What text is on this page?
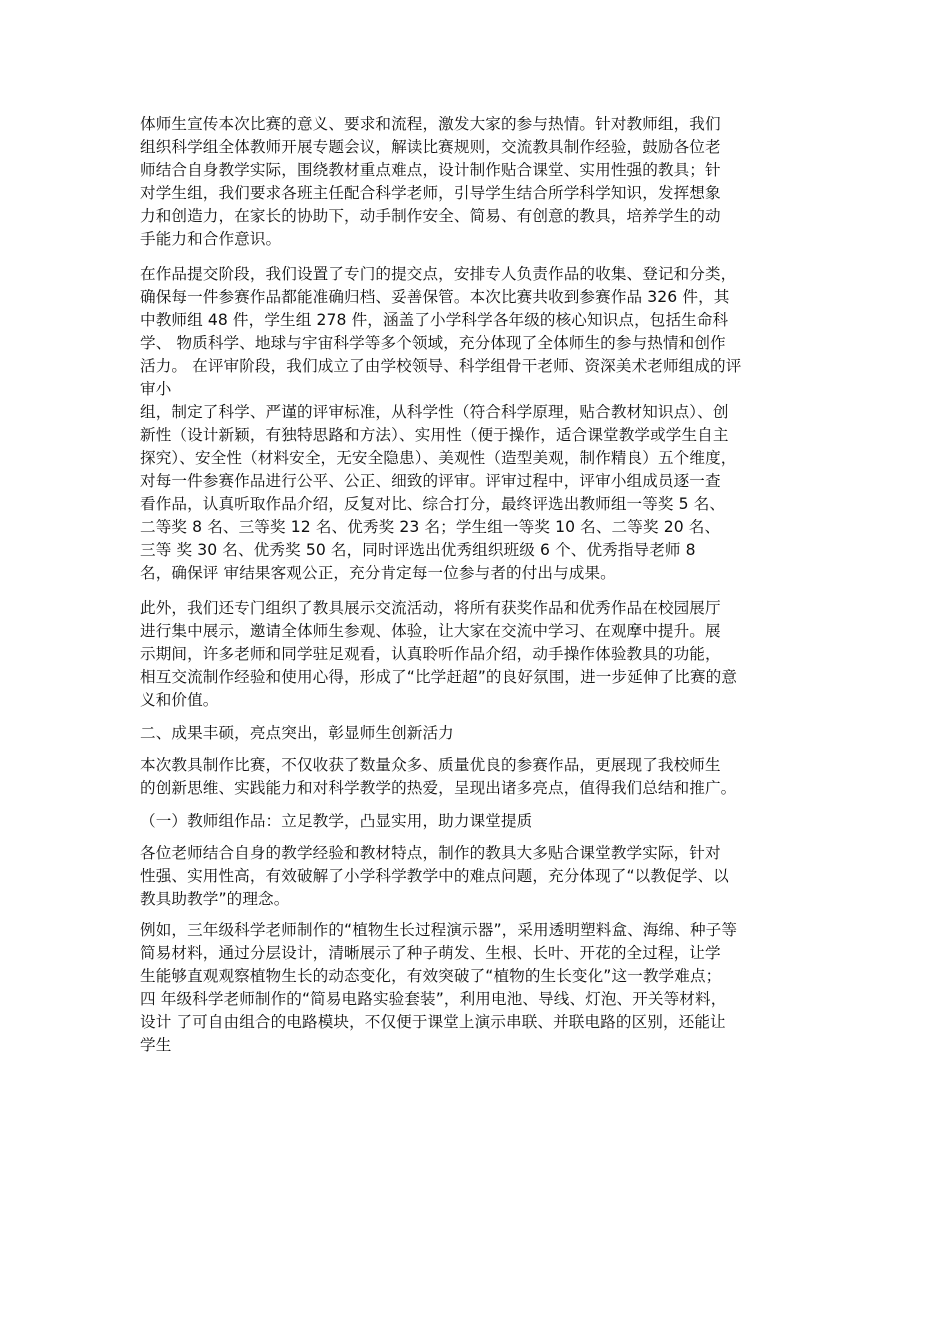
体师生宣传本次比赛的意义、要求和流程，激发大家的参与热情。针对教师组，我们
组织科学组全体教师开展专题会议，解读比赛规则，交流教具制作经验，鼓励各位老
师结合自身教学实际，围绕教材重点难点，设计制作贴合课堂、实用性强的教具；针
对学生组，我们要求各班主任配合科学老师，引导学生结合所学科学知识，发挥想象
力和创造力，在家长的协助下，动手制作安全、简易、有创意的教具，培养学生的动
手能力和合作意识。
在作品提交阶段，我们设置了专门的提交点，安排专人负责作品的收集、登记和分类，
确保每一件参赛作品都能准确归档、妥善保管。本次比赛共收到参赛作品 326 件，其
中教师组 48 件，学生组 278 件，涵盖了小学科学各年级的核心知识点，包括生命科
学、 物质科学、地球与宇宙科学等多个领域，充分体现了全体师生的参与热情和创作
活力。 在评审阶段，我们成立了由学校领导、科学组骨干老师、资深美术老师组成的评
审小
组，制定了科学、严谨的评审标准，从科学性（符合科学原理，贴合教材知识点）、创
新性（设计新颖，有独特思路和方法）、实用性（便于操作，适合课堂教学或学生自主
探究）、安全性（材料安全，无安全隐患）、美观性（造型美观，制作精良）五个维度，
对每一件参赛作品进行公平、公正、细致的评审。评审过程中，评审小组成员逐一查
看作品，认真听取作品介绍，反复对比、综合打分，最终评选出教师组一等奖 5 名、
二等奖 8 名、三等奖 12 名、优秀奖 23 名；学生组一等奖 10 名、二等奖 20 名、
三等 奖 30 名、优秀奖 50 名，同时评选出优秀组织班级 6 个、优秀指导老师 8
名，确保评 审结果客观公正，充分肯定每一位参与者的付出与成果。
此外，我们还专门组织了教具展示交流活动，将所有获奖作品和优秀作品在校园展厅
进行集中展示，邀请全体师生参观、体验，让大家在交流中学习、在观摩中提升。展
示期间，许多老师和同学驻足观看，认真聆听作品介绍，动手操作体验教具的功能，
相互交流制作经验和使用心得，形成了“比学赶超”的良好氛围，进一步延伸了比赛的意
义和价值。
二、成果丰硕，亮点突出，彰显师生创新活力
本次教具制作比赛，不仅收获了数量众多、质量优良的参赛作品，更展现了我校师生
的创新思维、实践能力和对科学教学的热爱，呈现出诸多亮点，值得我们总结和推广。
（一）教师组作品：立足教学，凸显实用，助力课堂提质
各位老师结合自身的教学经验和教材特点，制作的教具大多贴合课堂教学实际，针对
性强、实用性高，有效破解了小学科学教学中的难点问题，充分体现了“以教促学、以
教具助教学”的理念。
例如，三年级科学老师制作的“植物生长过程演示器”，采用透明塑料盒、海绵、种子等
简易材料，通过分层设计，清晰展示了种子萌发、生根、长叶、开花的全过程，让学
生能够直观观察植物生长的动态变化，有效突破了“植物的生长变化”这一教学难点；
四 年级科学老师制作的“简易电路实验套装”，利用电池、导线、灯泡、开关等材料，
设计 了可自由组合的电路模块，不仅便于课堂上演示串联、并联电路的区别，还能让
学生
